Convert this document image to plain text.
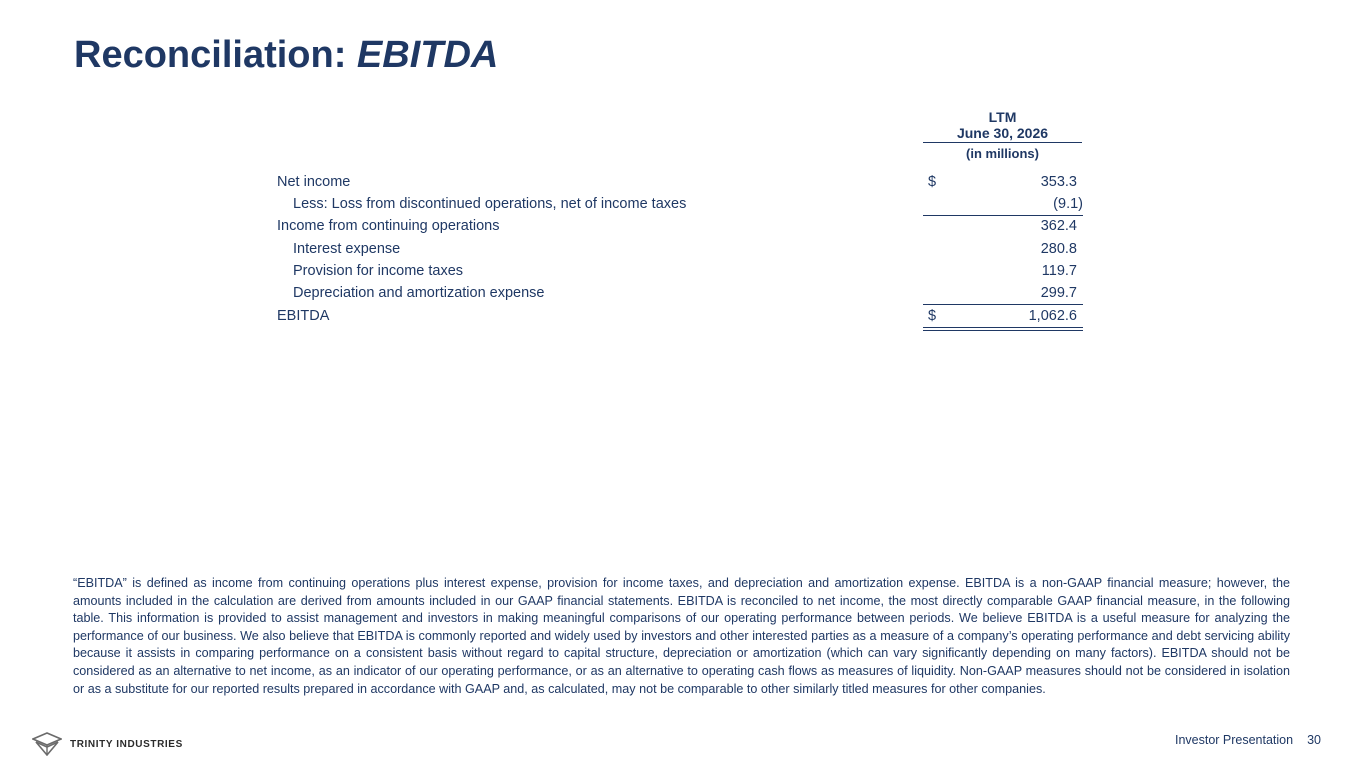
Reconciliation: EBITDA
LTM
June 30, 2026
(in millions)
Net income	$	353.3
Less: Loss from discontinued operations, net of income taxes	(9.1)
Income from continuing operations	362.4
Interest expense	280.8
Provision for income taxes	119.7
Depreciation and amortization expense	299.7
EBITDA	$	1,062.6

“EBITDA” is defined as income from continuing operations plus interest expense, provision for income taxes, and depreciation and amortization expense. EBITDA is a non-GAAP financial measure; however, the amounts included in the calculation are derived from amounts included in our GAAP financial statements. EBITDA is reconciled to net income, the most directly comparable GAAP financial measure, in the following table. This information is provided to assist management and investors in making meaningful comparisons of our operating performance between periods. We believe EBITDA is a useful measure for analyzing the performance of our business. We also believe that EBITDA is commonly reported and widely used by investors and other interested parties as a measure of a company’s operating performance and debt servicing ability because it assists in comparing performance on a consistent basis without regard to capital structure, depreciation or amortization (which can vary significantly depending on many factors). EBITDA should not be considered as an alternative to net income, as an indicator of our operating performance, or as an alternative to operating cash flows as measures of liquidity. Non-GAAP measures should not be considered in isolation or as a substitute for our reported results prepared in accordance with GAAP and, as calculated, may not be comparable to other similarly titled measures for other companies.

TRINITY INDUSTRIES	Investor Presentation 30
